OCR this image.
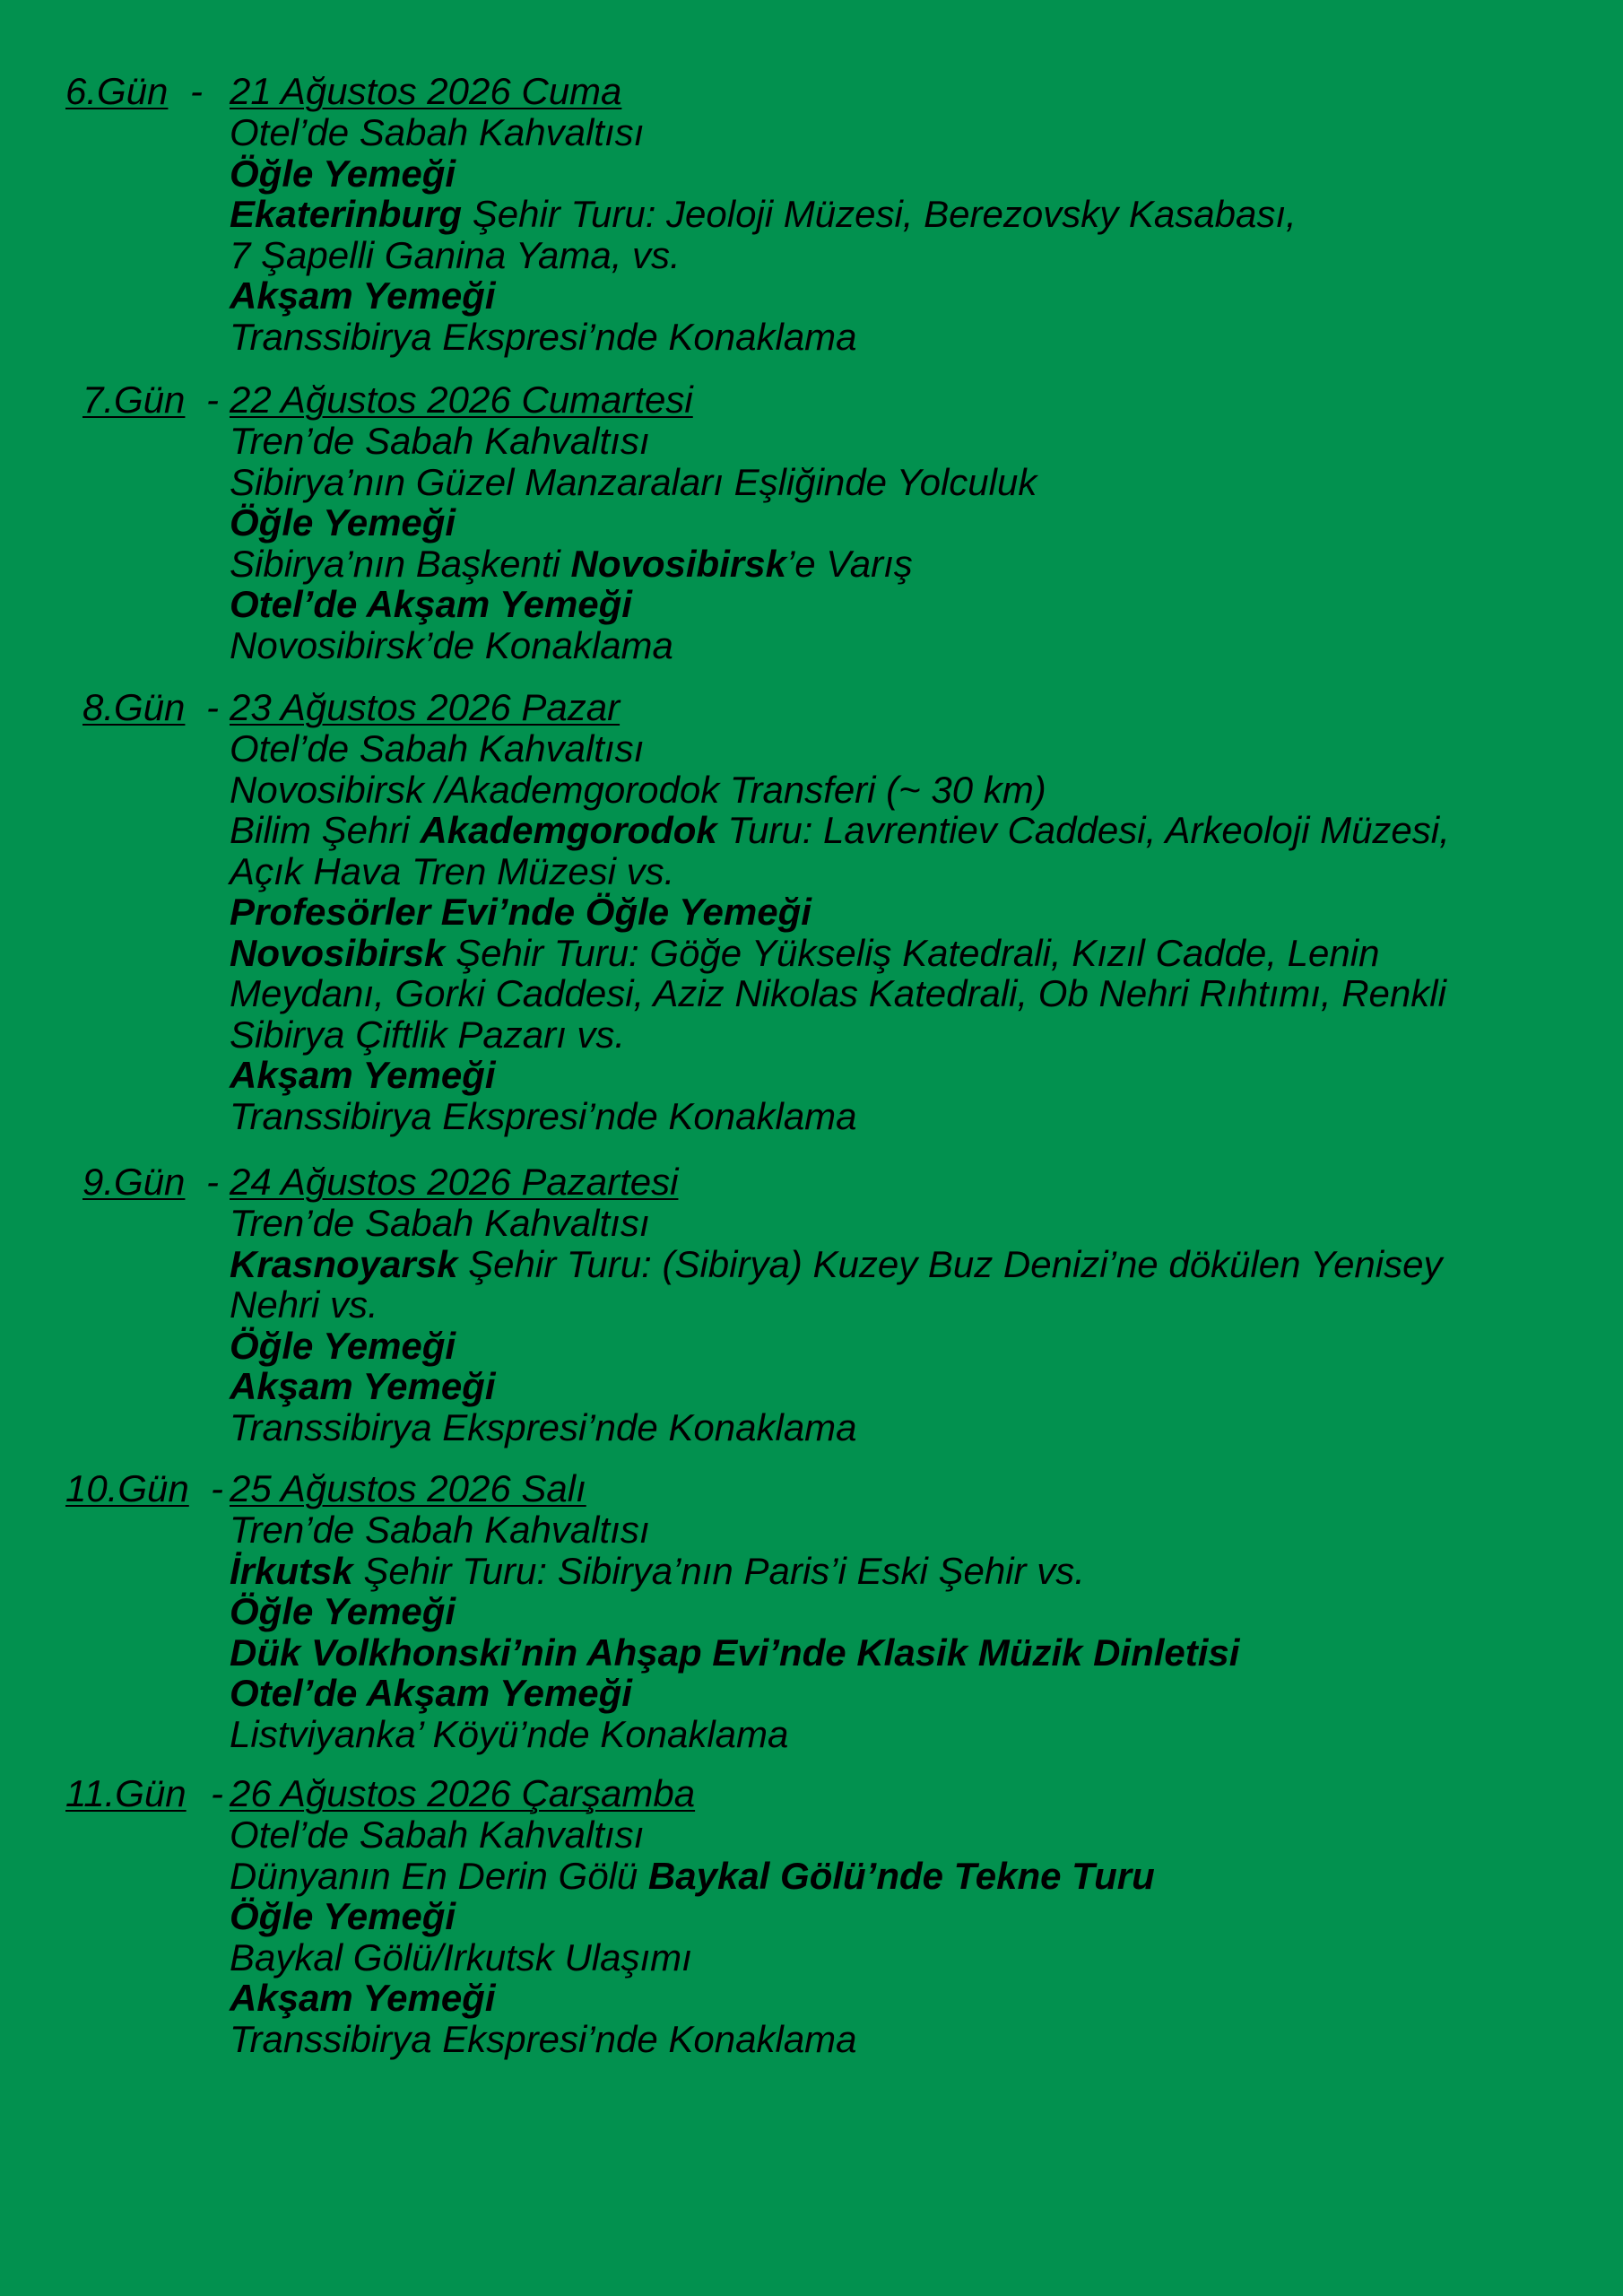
6.Gün - 21 Ağustos 2026 Cuma
Otel’de Sabah Kahvaltısı
Öğle Yemeği
Ekaterinburg Şehir Turu: Jeoloji Müzesi, Berezovsky Kasabası,
7 Şapelli Ganina Yama, vs.
Akşam Yemeği
Transsibirya Ekspresi’nde Konaklama
7.Gün - 22 Ağustos 2026 Cumartesi
Tren’de Sabah Kahvaltısı
Sibirya’nın Güzel Manzaraları Eşliğinde Yolculuk
Öğle Yemeği
Sibirya’nın Başkenti Novosibirsk’e Varış
Otel’de Akşam Yemeği
Novosibirsk’de Konaklama
8.Gün - 23 Ağustos 2026 Pazar
Otel’de Sabah Kahvaltısı
Novosibirsk /Akademgorodok Transferi (~ 30 km)
Bilim Şehri Akademgorodok Turu: Lavrentiev Caddesi, Arkeoloji Müzesi,
Açık Hava Tren Müzesi vs.
Profesörler Evi’nde Öğle Yemeği
Novosibirsk Şehir Turu: Göğe Yükseliş Katedrali, Kızıl Cadde, Lenin
Meydanı, Gorki Caddesi, Aziz Nikolas Katedrali, Ob Nehri Rıhtımı, Renkli
Sibirya Çiftlik Pazarı vs.
Akşam Yemeği
Transsibirya Ekspresi’nde Konaklama
9.Gün - 24 Ağustos 2026 Pazartesi
Tren’de Sabah Kahvaltısı
Krasnoyarsk Şehir Turu: (Sibirya) Kuzey Buz Denizi’ne dökülen Yenisey
Nehri vs.
Öğle Yemeği
Akşam Yemeği
Transsibirya Ekspresi’nde Konaklama
10.Gün - 25 Ağustos 2026 Salı
Tren’de Sabah Kahvaltısı
İrkutsk Şehir Turu: Sibirya’nın Paris’i Eski Şehir vs.
Öğle Yemeği
Dük Volkhonski’nin Ahşap Evi’nde Klasik Müzik Dinletisi
Otel’de Akşam Yemeği
Listviyanka’ Köyü’nde Konaklama
11.Gün - 26 Ağustos 2026 Çarşamba
Otel’de Sabah Kahvaltısı
Dünyanın En Derin Gölü Baykal Gölü’nde Tekne Turu
Öğle Yemeği
Baykal Gölü/Irkutsk Ulaşımı
Akşam Yemeği
Transsibirya Ekspresi’nde Konaklama
